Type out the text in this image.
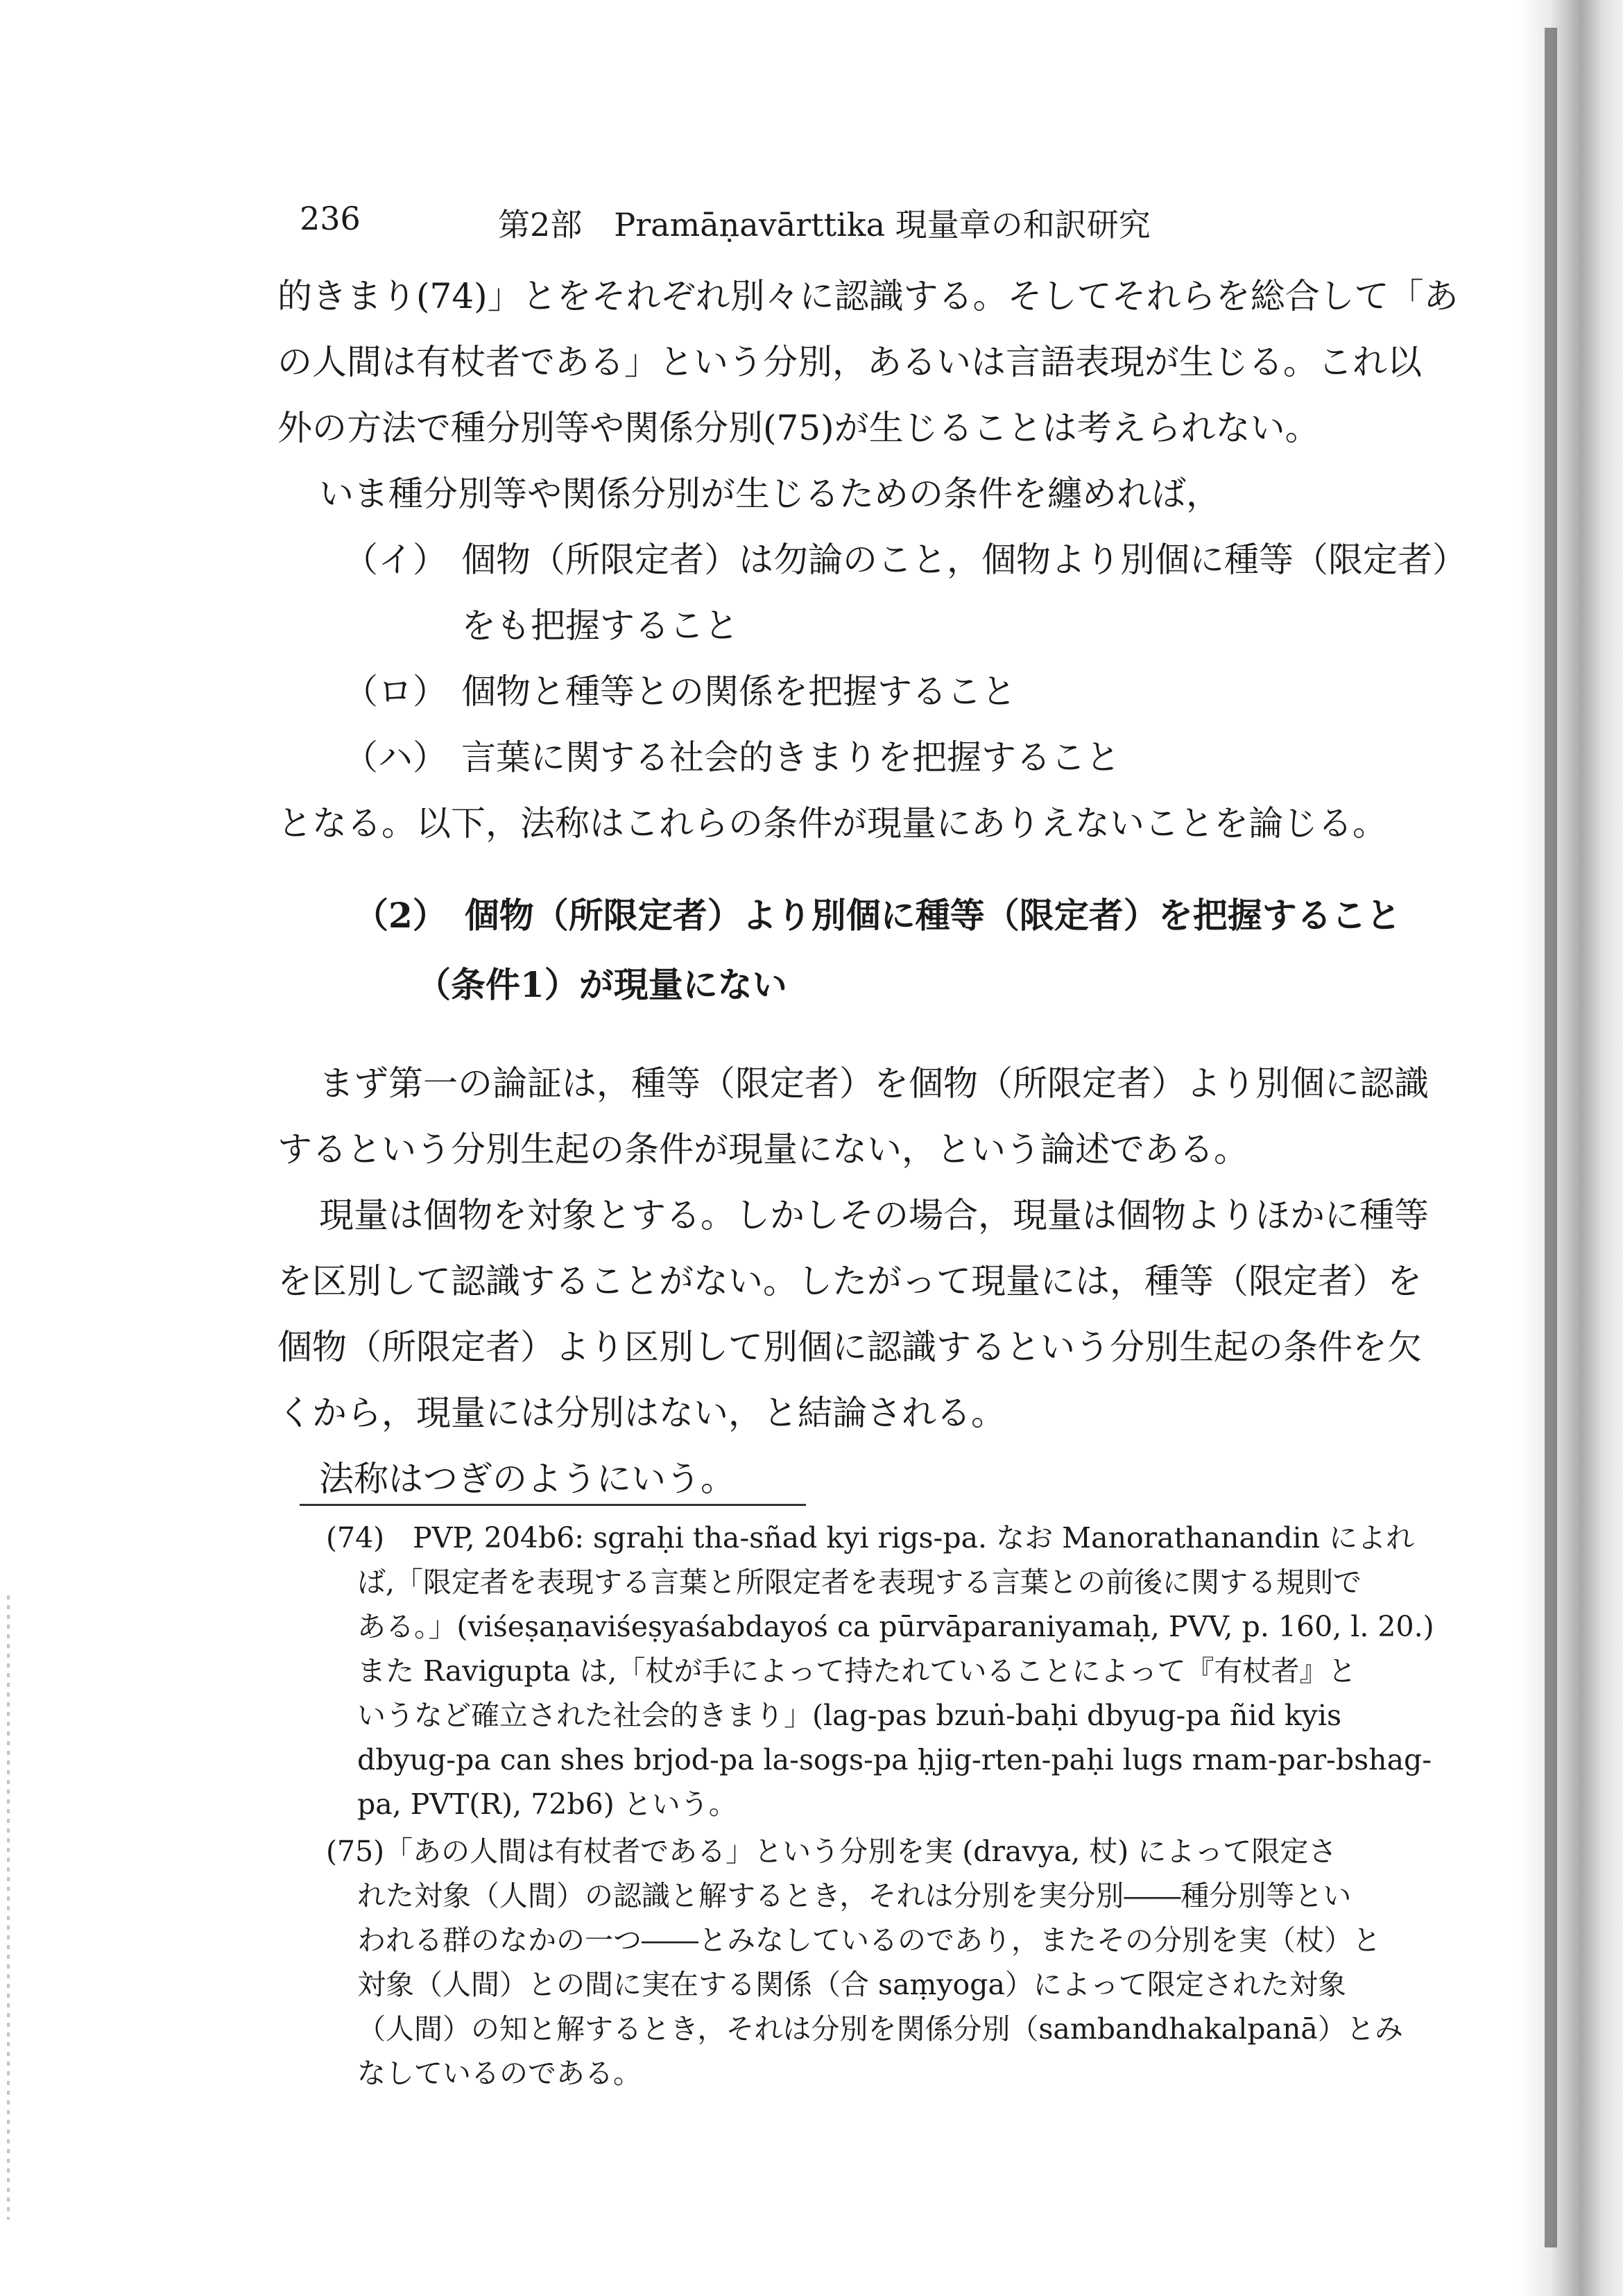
236	第2部　Pramāṇavārttika 現量章の和訳研究
的きまり(74)」とをそれぞれ別々に認識する。そしてそれらを総合して「あ
の人間は有杖者である」という分別，あるいは言語表現が生じる。これ以
外の方法で種分別等や関係分別(75)が生じることは考えられない。
いま種分別等や関係分別が生じるための条件を纏めれば，
（イ） 個物（所限定者）は勿論のこと，個物より別個に種等（限定者）
をも把握すること
（ロ） 個物と種等との関係を把握すること
（ハ） 言葉に関する社会的きまりを把握すること
となる。以下，法称はこれらの条件が現量にありえないことを論じる。
（2）　個物（所限定者）より別個に種等（限定者）を把握すること
（条件1）が現量にない
まず第一の論証は，種等（限定者）を個物（所限定者）より別個に認識
するという分別生起の条件が現量にない，という論述である。
現量は個物を対象とする。しかしその場合，現量は個物よりほかに種等
を区別して認識することがない。したがって現量には，種等（限定者）を
個物（所限定者）より区別して別個に認識するという分別生起の条件を欠
くから，現量には分別はない，と結論される。
法称はつぎのようにいう。
(74)　PVP, 204b6: sgraḥi tha-sñad kyi rigs-pa. なお Manorathanandin によれ
ば,「限定者を表現する言葉と所限定者を表現する言葉との前後に関する規則で
ある。」(viśeṣaṇaviśeṣyaśabdayoś ca pūrvāparaniyamaḥ, PVV, p. 160, l. 20.)
また Ravigupta は,「杖が手によって持たれていることによって『有杖者』と
いうなど確立された社会的きまり」(lag-pas bzuṅ-baḥi dbyug-pa ñid kyis
dbyug-pa can shes brjod-pa la-sogs-pa ḥjig-rten-paḥi lugs rnam-par-bshag-
pa, PVT(R), 72b6) という。
(75)「あの人間は有杖者である」という分別を実 (dravya, 杖) によって限定さ
れた対象（人間）の認識と解するとき，それは分別を実分別――種分別等とい
われる群のなかの一つ――とみなしているのであり，またその分別を実（杖）と
対象（人間）との間に実在する関係（合 saṃyoga）によって限定された対象
（人間）の知と解するとき，それは分別を関係分別（sambandhakalpanā）とみ
なしているのである。
